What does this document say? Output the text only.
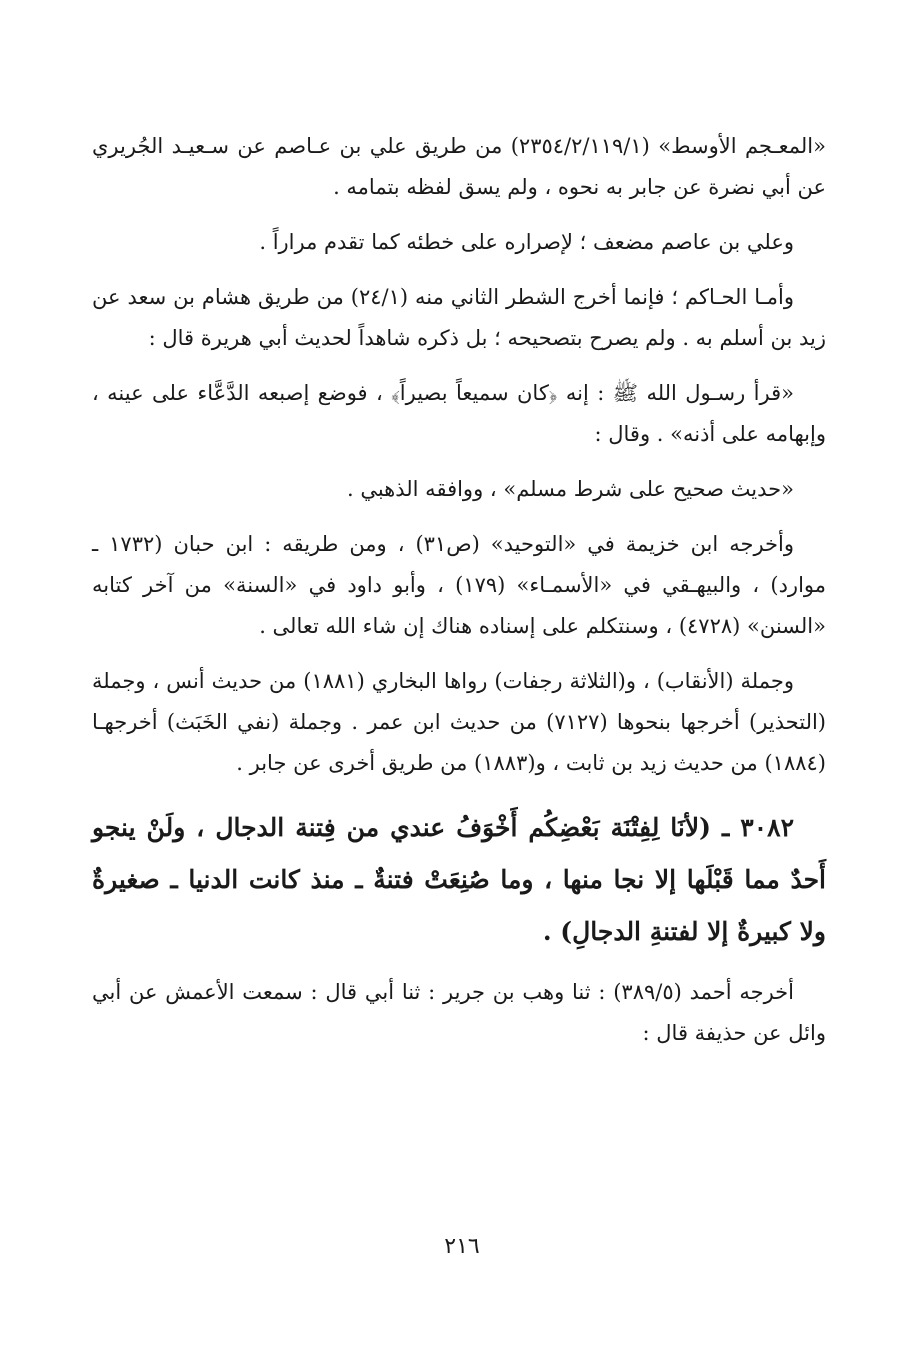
«المعـجم الأوسط» (٢٣٥٤/٢/١١٩/١) من طريق علي بن عـاصم عن سـعيـد الجُريري عن أبي نضرة عن جابر به نحوه ، ولم يسق لفظه بتمامه .

وعلي بن عاصم مضعف ؛ لإصراره على خطئه كما تقدم مراراً .

وأمـا الحـاكم ؛ فإنما أخرج الشطر الثاني منه (٢٤/١) من طريق هشام بن سعد عن زيد بن أسلم به . ولم يصرح بتصحيحه ؛ بل ذكره شاهداً لحديث أبي هريرة قال :

«قرأ رسـول الله ﷺ : إنه ﴿كان سميعاً بصيراً﴾ ، فوضع إصبعه الدَّعَّاء على عينه ، وإبهامه على أذنه» . وقال :

«حديث صحيح على شرط مسلم» ، ووافقه الذهبي .

وأخرجه ابن خزيمة في «التوحيد» (ص٣١) ، ومن طريقه : ابن حبان (١٧٣٢ ـ موارد) ، والبيهـقي في «الأسمـاء» (١٧٩) ، وأبو داود في «السنة» من آخر كتابه «السنن» (٤٧٢٨) ، وسنتكلم على إسناده هناك إن شاء الله تعالى .

وجملة (الأنقاب) ، و(الثلاثة رجفات) رواها البخاري (١٨٨١) من حديث أنس ، وجملة (التحذير) أخرجها بنحوها (٧١٢٧) من حديث ابن عمر . وجملة (نفي الخَبَث) أخرجهـا (١٨٨٤) من حديث زيد بن ثابت ، و(١٨٨٣) من طريق أخرى عن جابر .

٣٠٨٢ ـ (لأنَا لِفِتْنَة بَعْضِكُم أَخْوَفُ عندي من فِتنة الدجال ، ولَنْ ينجو أَحدٌ مما قَبْلَها إلا نجا منها ، وما صُنِعَتْ فتنةٌ ـ منذ كانت الدنيا ـ صغيرةٌ ولا كبيرةٌ إلا لفتنةِ الدجالِ) .

أخرجه أحمد (٣٨٩/٥) : ثنا وهب بن جرير : ثنا أبي قال : سمعت الأعمش عن أبي وائل عن حذيفة قال :

٢١٦
